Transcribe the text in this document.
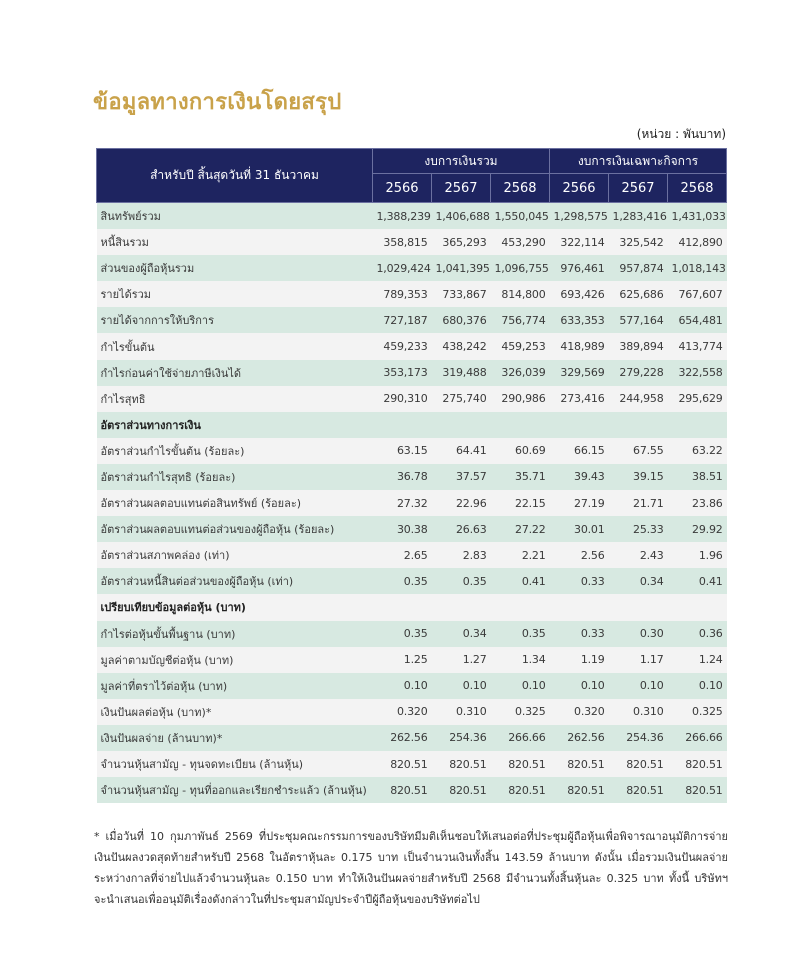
ข้อมูลทางการเงินโดยสรุป
(หน่วย : พันบาท)
สำหรับปี สิ้นสุดวันที่ 31 ธันวาคม	งบการเงินรวม			งบการเงินเฉพาะกิจการ		
	2566	2567	2568	2566	2567	2568
สินทรัพย์รวม	1,388,239	1,406,688	1,550,045	1,298,575	1,283,416	1,431,033
หนี้สินรวม	358,815	365,293	453,290	322,114	325,542	412,890
ส่วนของผู้ถือหุ้นรวม	1,029,424	1,041,395	1,096,755	976,461	957,874	1,018,143
รายได้รวม	789,353	733,867	814,800	693,426	625,686	767,607
รายได้จากการให้บริการ	727,187	680,376	756,774	633,353	577,164	654,481
กำไรขั้นต้น	459,233	438,242	459,253	418,989	389,894	413,774
กำไรก่อนค่าใช้จ่ายภาษีเงินได้	353,173	319,488	326,039	329,569	279,228	322,558
กำไรสุทธิ	290,310	275,740	290,986	273,416	244,958	295,629
อัตราส่วนทางการเงิน						
อัตราส่วนกำไรขั้นต้น (ร้อยละ)	63.15	64.41	60.69	66.15	67.55	63.22
อัตราส่วนกำไรสุทธิ (ร้อยละ)	36.78	37.57	35.71	39.43	39.15	38.51
อัตราส่วนผลตอบแทนต่อสินทรัพย์ (ร้อยละ)	27.32	22.96	22.15	27.19	21.71	23.86
อัตราส่วนผลตอบแทนต่อส่วนของผู้ถือหุ้น (ร้อยละ)	30.38	26.63	27.22	30.01	25.33	29.92
อัตราส่วนสภาพคล่อง (เท่า)	2.65	2.83	2.21	2.56	2.43	1.96
อัตราส่วนหนี้สินต่อส่วนของผู้ถือหุ้น (เท่า)	0.35	0.35	0.41	0.33	0.34	0.41
เปรียบเทียบข้อมูลต่อหุ้น (บาท)						
กำไรต่อหุ้นขั้นพื้นฐาน (บาท)	0.35	0.34	0.35	0.33	0.30	0.36
มูลค่าตามบัญชีต่อหุ้น (บาท)	1.25	1.27	1.34	1.19	1.17	1.24
มูลค่าที่ตราไว้ต่อหุ้น (บาท)	0.10	0.10	0.10	0.10	0.10	0.10
เงินปันผลต่อหุ้น (บาท)*	0.320	0.310	0.325	0.320	0.310	0.325
เงินปันผลจ่าย (ล้านบาท)*	262.56	254.36	266.66	262.56	254.36	266.66
จำนวนหุ้นสามัญ - ทุนจดทะเบียน (ล้านหุ้น)	820.51	820.51	820.51	820.51	820.51	820.51
จำนวนหุ้นสามัญ - ทุนที่ออกและเรียกชำระแล้ว (ล้านหุ้น)	820.51	820.51	820.51	820.51	820.51	820.51
* เมื่อวันที่ 10 กุมภาพันธ์ 2569 ที่ประชุมคณะกรรมการของบริษัทมีมติเห็นชอบให้เสนอต่อที่ประชุมผู้ถือหุ้นเพื่อพิจารณาอนุมัติการจ่ายเงินปันผลงวดสุดท้ายสำหรับปี 2568 ในอัตราหุ้นละ 0.175 บาท เป็นจำนวนเงินทั้งสิ้น 143.59 ล้านบาท ดังนั้น เมื่อรวมเงินปันผลจ่ายระหว่างกาลที่จ่ายไปแล้วจำนวนหุ้นละ 0.150 บาท ทำให้เงินปันผลจ่ายสำหรับปี 2568 มีจำนวนทั้งสิ้นหุ้นละ 0.325 บาท ทั้งนี้ บริษัทฯ จะนำเสนอเพื่ออนุมัติเรื่องดังกล่าวในที่ประชุมสามัญประจำปีผู้ถือหุ้นของบริษัทต่อไป
